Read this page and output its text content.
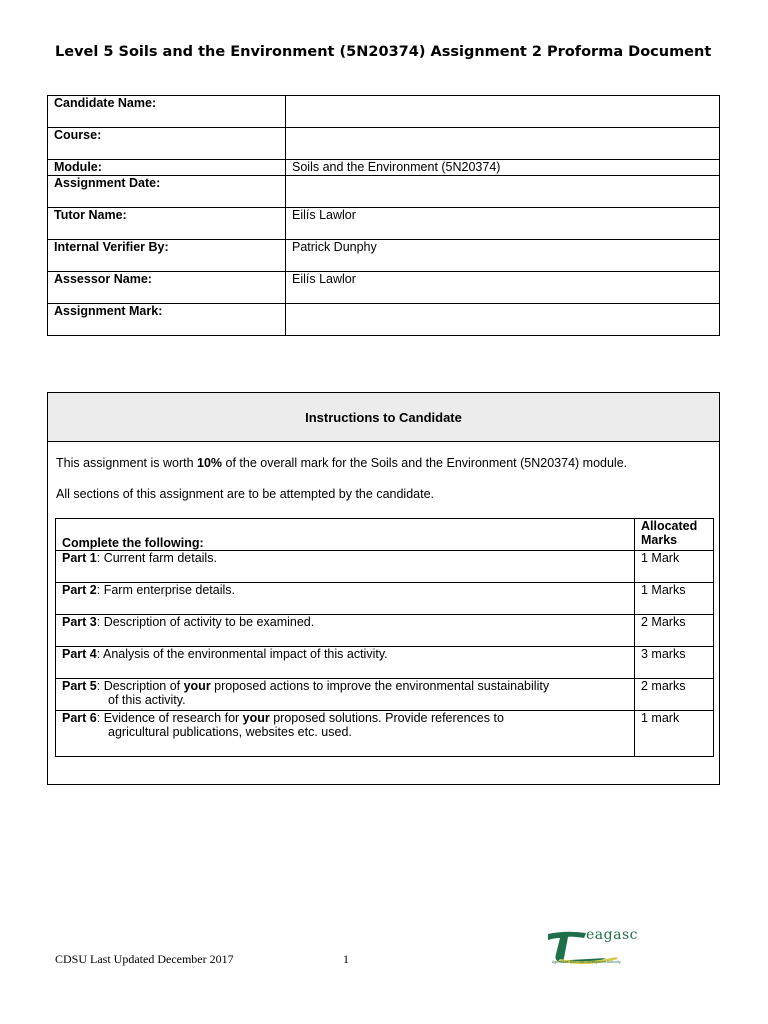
Level 5 Soils and the Environment (5N20374) Assignment 2 Proforma Document
Candidate Name:	
Course:	
Module:	Soils and the Environment (5N20374)
Assignment Date:	
Tutor Name:	Eilís Lawlor
Internal Verifier By:	Patrick Dunphy
Assessor Name:	Eilís Lawlor
Assignment Mark:	
Instructions to Candidate

This assignment is worth 10% of the overall mark for the Soils and the Environment (5N20374) module.

All sections of this assignment are to be attempted by the candidate.

Complete the following:	Allocated Marks
Part 1: Current farm details.	1 Mark
Part 2: Farm enterprise details.	1 Marks
Part 3: Description of activity to be examined.	2 Marks
Part 4: Analysis of the environmental impact of this activity.	3 marks
Part 5: Description of your proposed actions to improve the environmental sustainability
of this activity.	2 marks
Part 6: Evidence of research for your proposed solutions. Provide references to
agricultural publications, websites etc. used.	1 mark
CDSU Last Updated December 2017	1
eagasc
Agriculture and Food Development Authority
